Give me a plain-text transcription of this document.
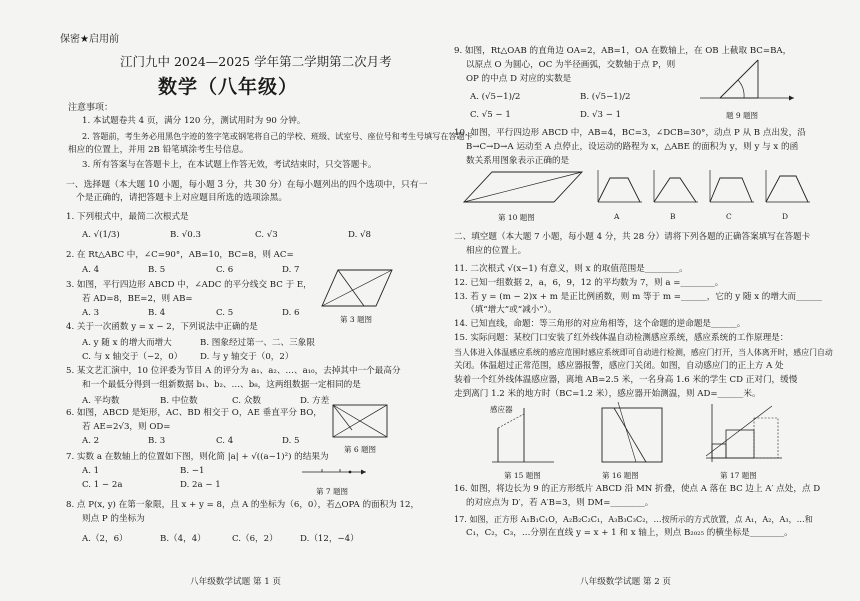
保密★启用前
江门九中 2024—2025 学年第二学期第二次月考
数学（八年级）
注意事项：
1. 本试题卷共 4 页，满分 120 分，测试用时为 90 分钟。
2. 答题前，考生务必用黑色字迹的签字笔或钢笔将自己的学校、班级、试室号、座位号和考生号填写在答题卡
相应的位置上，并用 2B 铅笔填涂考生号信息。
3. 所有答案与在答题卡上，在本试题上作答无效，考试结束时，只交答题卡。
一、选择题（本大题 10 小题，每小题 3 分，共 30 分）在每小题列出的四个选项中，只有一
个是正确的，请把答题卡上对应题目所选的选项涂黑。
1. 下列根式中，最简二次根式是
A. √(1/3)	B. √0.3	C. √3	D. √8
2. 在 Rt△ABC 中，∠C=90°，AB=10，BC=8，则 AC=
A. 4	B. 5	C. 6	D. 7
3. 如图，平行四边形 ABCD 中，∠ADC 的平分线交 BC 于 E，
若 AD=8，BE=2，则 AB=
A. 3	B. 4	C. 5	D. 6
第 3 题图
4. 关于一次函数 y = x − 2，下列说法中正确的是
A. y 随 x 的增大而增大	B. 图象经过第一、二、三象限
C. 与 x 轴交于（−2，0） D. 与 y 轴交于（0，2）
5. 某文艺汇演中，10 位评委为节目 A 的评分为 a₁、a₂、…、a₁₀，去掉其中一个最高分
和一个最低分得到一组新数据 b₁、b₂、…、b₈，这两组数据一定相同的是
A. 平均数	B. 中位数	C. 众数	D. 方差
6. 如图，ABCD 是矩形，AC、BD 相交于 O，AE 垂直平分 BO，
若 AE=2√3，则 OD=
A. 2	B. 3	C. 4	D. 5
第 6 题图
7. 实数 a 在数轴上的位置如下图，则化简 |a| + √((a−1)²) 的结果为
A. 1	B. −1
C. 1 − 2a	D. 2a − 1
第 7 题图
8. 点 P(x, y) 在第一象限，且 x + y = 8，点 A 的坐标为（6，0），若△OPA 的面积为 12，
则点 P 的坐标为
A.（2，6）	B.（4，4）	C.（6，2）	D.（12，−4）
八年级数学试题 第 1 页
9. 如图，Rt△OAB 的直角边 OA=2，AB=1，OA 在数轴上，在 OB 上截取 BC=BA，
以原点 O 为圆心，OC 为半径画弧，交数轴于点 P，则
OP 的中点 D 对应的实数是
A. (√5−1)/2	B. (√5−1)/2
C. √5 − 1	D. √3 − 1	题 9 题图
10. 如图，平行四边形 ABCD 中，AB=4，BC=3，∠DCB=30°，动点 P 从 B 点出发，沿
B→C→D→A 运动至 A 点停止，设运动的路程为 x，△ABE 的面积为 y，则 y 与 x 的函
数关系用图象表示正确的是
第 10 题图	A	B	C	D
二、填空题（本大题 7 小题，每小题 4 分，共 28 分）请将下列各题的正确答案填写在答题卡
相应的位置上。
11. 二次根式 √(x−1) 有意义，则 x 的取值范围是________。
12. 已知一组数据 2，a，6，9，12 的平均数为 7，则 a =________。
13. 若 y = (m − 2)x + m 是正比例函数，则 m 等于 m =______，它的 y 随 x 的增大而______
（填“增大”或“减小”）。
14. 已知直线，命题：等三角形的对应角相等，这个命题的逆命题是______。
15. 实际问题：某校门口安装了红外线体温自动检测感应系统，感应系统的工作原理是：
当人体进入体温感应系统的感应范围时感应系统即可自动进行检测，感应门打开，当人体离开时，感应门自动
关闭。体温超过正常范围，感应器报警，感应门关闭。如图，自动感应门的正上方 A 处
装着一个红外线体温感应器，离地 AB=2.5 米，一名身高 1.6 米的学生 CD 正对门，缓慢
走到离门 1.2 米的地方时（BC=1.2 米），感应器开始测温，则 AD=______米。
感应器
第 15 题图	第 16 题图	第 17 题图
16. 如图，将边长为 9 的正方形纸片 ABCD 沿 MN 折叠，使点 A 落在 BC 边上 A′ 点处，点 D
的对应点为 D′，若 A′B=3，则 DM=________。
17. 如图，正方形 A₁B₁C₁O，A₂B₂C₂C₁，A₃B₃C₃C₂，…按所示的方式放置，点 A₁，A₂，A₃，…和
C₁，C₂，C₃，…分别在直线 y = x + 1 和 x 轴上，则点 B₂₀₂₅ 的横坐标是________。
八年级数学试题 第 2 页
